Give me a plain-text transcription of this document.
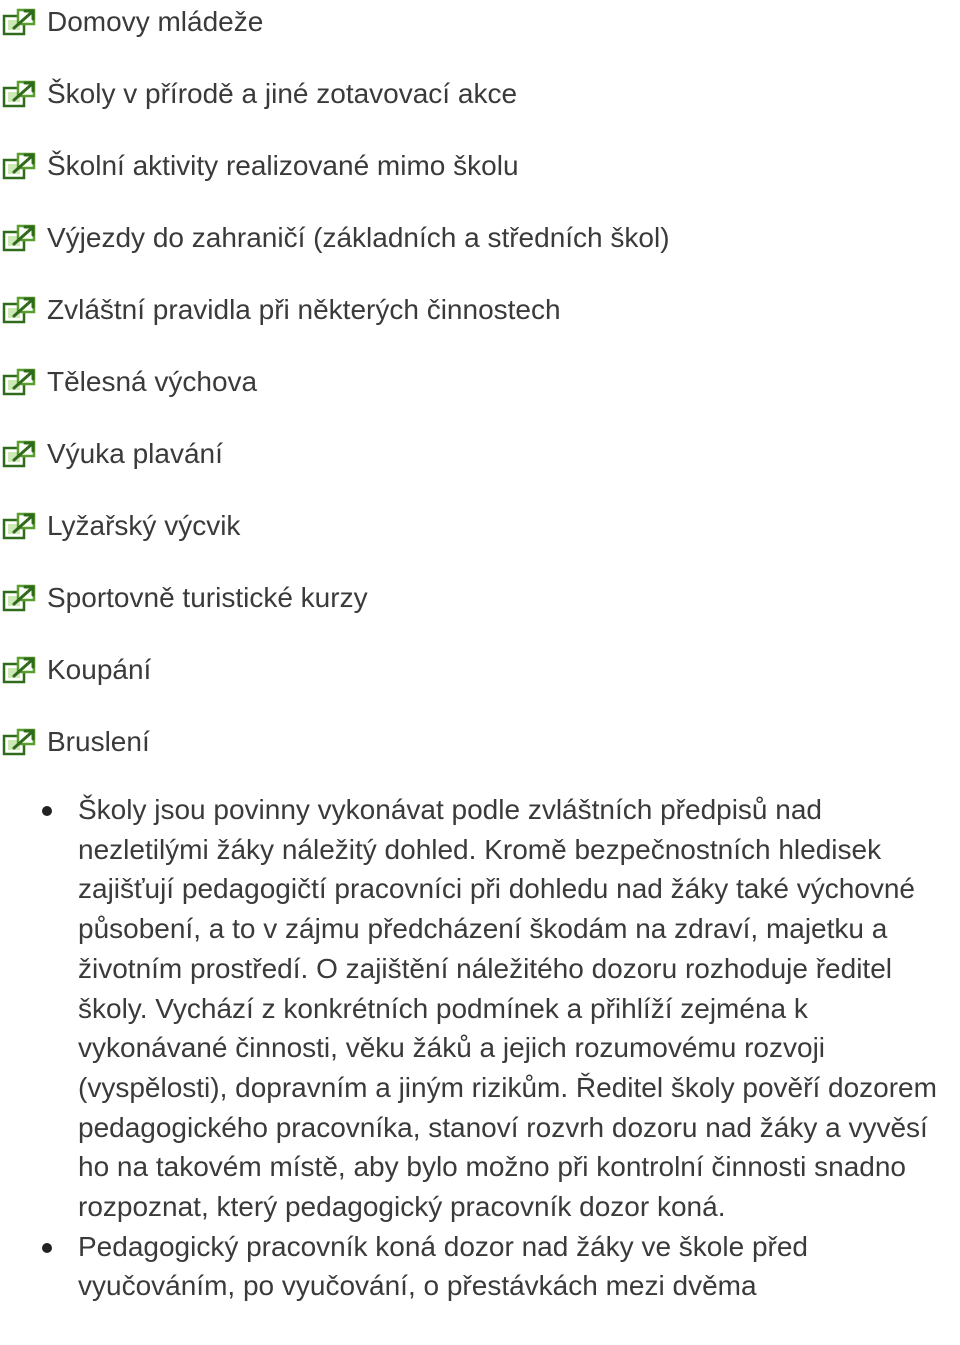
Domovy mládeže
Školy v přírodě a jiné zotavovací akce
Školní aktivity realizované mimo školu
Výjezdy do zahraničí (základních a středních škol)
Zvláštní pravidla při některých činnostech
Tělesná výchova
Výuka plavání
Lyžařský výcvik
Sportovně turistické kurzy
Koupání
Bruslení
Školy jsou povinny vykonávat podle zvláštních předpisů nad nezletilými žáky náležitý dohled. Kromě bezpečnostních hledisek zajišťují pedagogičtí pracovníci při dohledu nad žáky také výchovné působení, a to v zájmu předcházení škodám na zdraví, majetku a životním prostředí. O zajištění náležitého dozoru rozhoduje ředitel školy. Vychází z konkrétních podmínek a přihlíží zejména k vykonávané činnosti, věku žáků a jejich rozumovému rozvoji (vyspělosti), dopravním a jiným rizikům. Ředitel školy pověří dozorem pedagogického pracovníka, stanoví rozvrh dozoru nad žáky a vyvěsí ho na takovém místě, aby bylo možno při kontrolní činnosti snadno rozpoznat, který pedagogický pracovník dozor koná.
Pedagogický pracovník koná dozor nad žáky ve škole před vyučováním, po vyučování, o přestávkách mezi dvěma
